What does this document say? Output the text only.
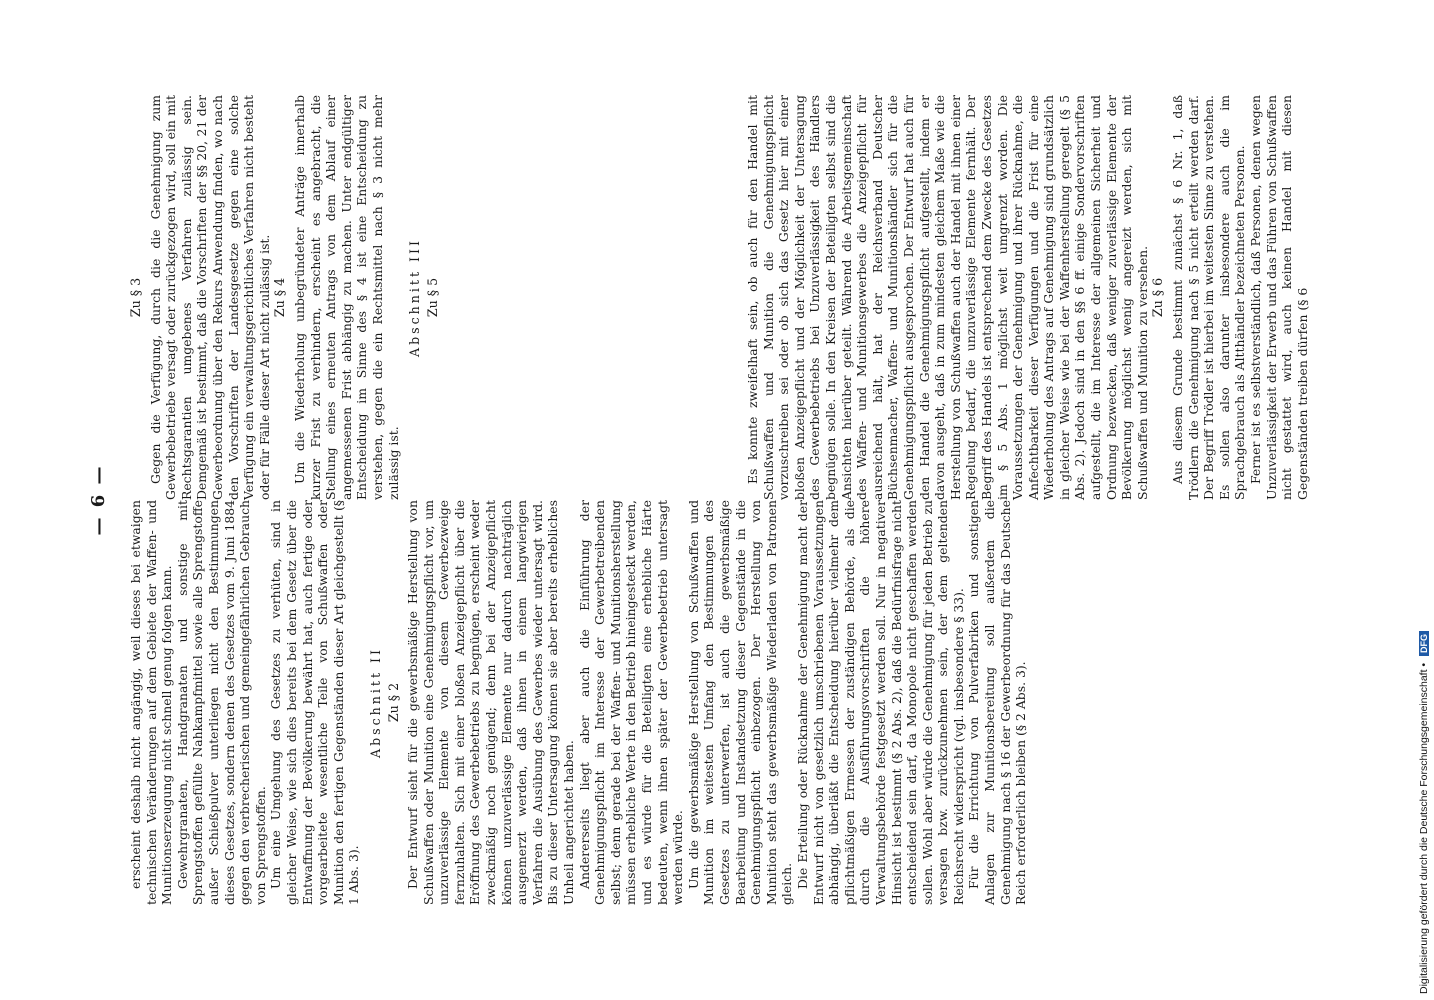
— 6 —	erscheint deshalb nicht angängig, weil dieses bei etwaigen technischen Veränderungen auf dem Gebiete der Waffen- und Munitionserzeugung nicht schnell genug folgen kann. Gewehrgranaten, Handgranaten und sonstige mit Sprengstoffen gefüllte Nahkampfmittel sowie alle Sprengstoffe außer Schießpulver unterliegen nicht den Bestimmungen dieses Gesetzes, sondern denen des Gesetzes vom 9. Juni 1884 gegen den verbrecherischen und gemeingefährlichen Gebrauch von Sprengstoffen. Um eine Umgehung des Gesetzes zu verhüten, sind in gleicher Weise, wie sich dies bereits bei dem Gesetz über die Entwaffnung der Bevölkerung bewährt hat, auch fertige oder vorgearbeitete wesentliche Teile von Schußwaffen oder Munition den fertigen Gegenständen dieser Art gleichgestellt (§ 1 Abs. 3).
Abschnitt II Zu § 2 Der Entwurf sieht für die gewerbsmäßige Herstellung von Schußwaffen oder Munition eine Genehmigungspflicht vor, um unzuverlässige Elemente von diesem Gewerbezweige fernzuhalten. Sich mit einer bloßen Anzeigepflicht über die Eröffnung des Gewerbebetriebs zu begnügen, erscheint weder zweckmäßig noch genügend; denn bei der Anzeigepflicht können unzuverlässige Elemente nur dadurch nachträglich ausgemerzt werden, daß ihnen in einem langwierigen Verfahren die Ausübung des Gewerbes wieder untersagt wird. Bis zu dieser Untersagung können sie aber bereits erhebliches Unheil angerichtet haben. Andererseits liegt aber auch die Einführung der Genehmigungspflicht im Interesse der Gewerbetreibenden selbst; denn gerade bei der Waffen- und Munitionsherstellung müssen erhebliche Werte in den Betrieb hineingesteckt werden, und es würde für die Beteiligten eine erhebliche Härte bedeuten, wenn ihnen später der Gewerbebetrieb untersagt werden würde. Um die gewerbsmäßige Herstellung von Schußwaffen und Munition im weitesten Umfang den Bestimmungen des Gesetzes zu unterwerfen, ist auch die gewerbsmäßige Bearbeitung und Instandsetzung dieser Gegenstände in die Genehmigungspflicht einbezogen. Der Herstellung von Munition steht das gewerbsmäßige Wiederladen von Patronen gleich. Die Erteilung oder Rücknahme der Genehmigung macht der Entwurf nicht von gesetzlich umschriebenen Voraussetzungen abhängig, überläßt die Entscheidung hierüber vielmehr dem pflichtmäßigen Ermessen der zuständigen Behörde, als die durch die Ausführungsvorschriften die höhere Verwaltungsbehörde festgesetzt werden soll. Nur in negativer Hinsicht ist bestimmt (§ 2 Abs. 2), daß die Bedürfnisfrage nicht entscheidend sein darf, da Monopole nicht geschaffen werden sollen. Wohl aber würde die Genehmigung für jeden Betrieb zu versagen bzw. zurückzunehmen sein, der dem geltenden Reichsrecht widerspricht (vgl. insbesondere § 33). Für die Errichtung von Pulverfabriken und sonstigen Anlagen zur Munitionsbereitung soll außerdem die Genehmigung nach § 16 der Gewerbeordnung für das Deutsche Reich erforderlich bleiben (§ 2 Abs. 3).
Zu § 3 Gegen die Verfügung, durch die die Genehmigung zum Gewerbebetriebe versagt oder zurückgezogen wird, soll ein mit Rechtsgarantien umgebenes Verfahren zulässig sein. Demgemäß ist bestimmt, daß die Vorschriften der §§ 20, 21 der Gewerbeordnung über den Rekurs Anwendung finden, wo nach den Vorschriften der Landesgesetze gegen eine solche Verfügung ein verwaltungsgerichtliches Verfahren nicht besteht oder für Fälle dieser Art nicht zulässig ist. Zu § 4 Um die Wiederholung unbegründeter Anträge innerhalb kurzer Frist zu verhindern, erscheint es angebracht, die Stellung eines erneuten Antrags von dem Ablauf einer angemessenen Frist abhängig zu machen. Unter endgültiger Entscheidung im Sinne des § 4 ist eine Entscheidung zu verstehen, gegen die ein Rechtsmittel nach § 3 nicht mehr zulässig ist.
Abschnitt III Zu § 5	Es konnte zweifelhaft sein, ob auch für den Handel mit Schußwaffen und Munition die Genehmigungspflicht vorzuschreiben sei oder ob sich das Gesetz hier mit einer bloßen Anzeigepflicht und der Möglichkeit der Untersagung des Gewerbebetriebs bei Unzuverlässigkeit des Händlers begnügen solle. In den Kreisen der Beteiligten selbst sind die Ansichten hierüber geteilt. Während die Arbeitsgemeinschaft des Waffen- und Munitionsgewerbes die Anzeigepflicht für ausreichend hält, hat der Reichsverband Deutscher Büchsenmacher, Waffen- und Munitionshändler sich für die Genehmigungspflicht ausgesprochen. Der Entwurf hat auch für den Handel die Genehmigungspflicht aufgestellt, indem er davon ausgeht, daß in zum mindesten gleichem Maße wie die Herstellung von Schußwaffen auch der Handel mit ihnen einer Regelung bedarf, die unzuverlässige Elemente fernhält. Der Begriff des Handels ist entsprechend dem Zwecke des Gesetzes im § 5 Abs. 1 möglichst weit umgrenzt worden. Die Voraussetzungen der Genehmigung und ihrer Rücknahme, die Anfechtbarkeit dieser Verfügungen und die Frist für eine Wiederholung des Antrags auf Genehmigung sind grundsätzlich in gleicher Weise wie bei der Waffenherstellung geregelt (§ 5 Abs. 2). Jedoch sind in den §§ 6 ff. einige Sondervorschriften aufgestellt, die im Interesse der allgemeinen Sicherheit und Ordnung bezwecken, daß weniger zuverlässige Elemente der Bevölkerung möglichst wenig angereizt werden, sich mit Schußwaffen und Munition zu versehen. Zu § 6 Aus diesem Grunde bestimmt zunächst § 6 Nr. 1, daß Trödlern die Genehmigung nach § 5 nicht erteilt werden darf. Der Begriff Trödler ist hierbei im weitesten Sinne zu verstehen. Es sollen also darunter insbesondere auch die im Sprachgebrauch als Altthändler bezeichneten Personen. Ferner ist es selbstverständlich, daß Personen, denen wegen Unzuverlässigkeit der Erwerb und das Führen von Schußwaffen nicht gestattet wird, auch keinen Handel mit diesen Gegenständen treiben dürfen (§ 6
Digitalisierung gefördert durch die Deutsche Forschungsgemeinschaft • DFG
